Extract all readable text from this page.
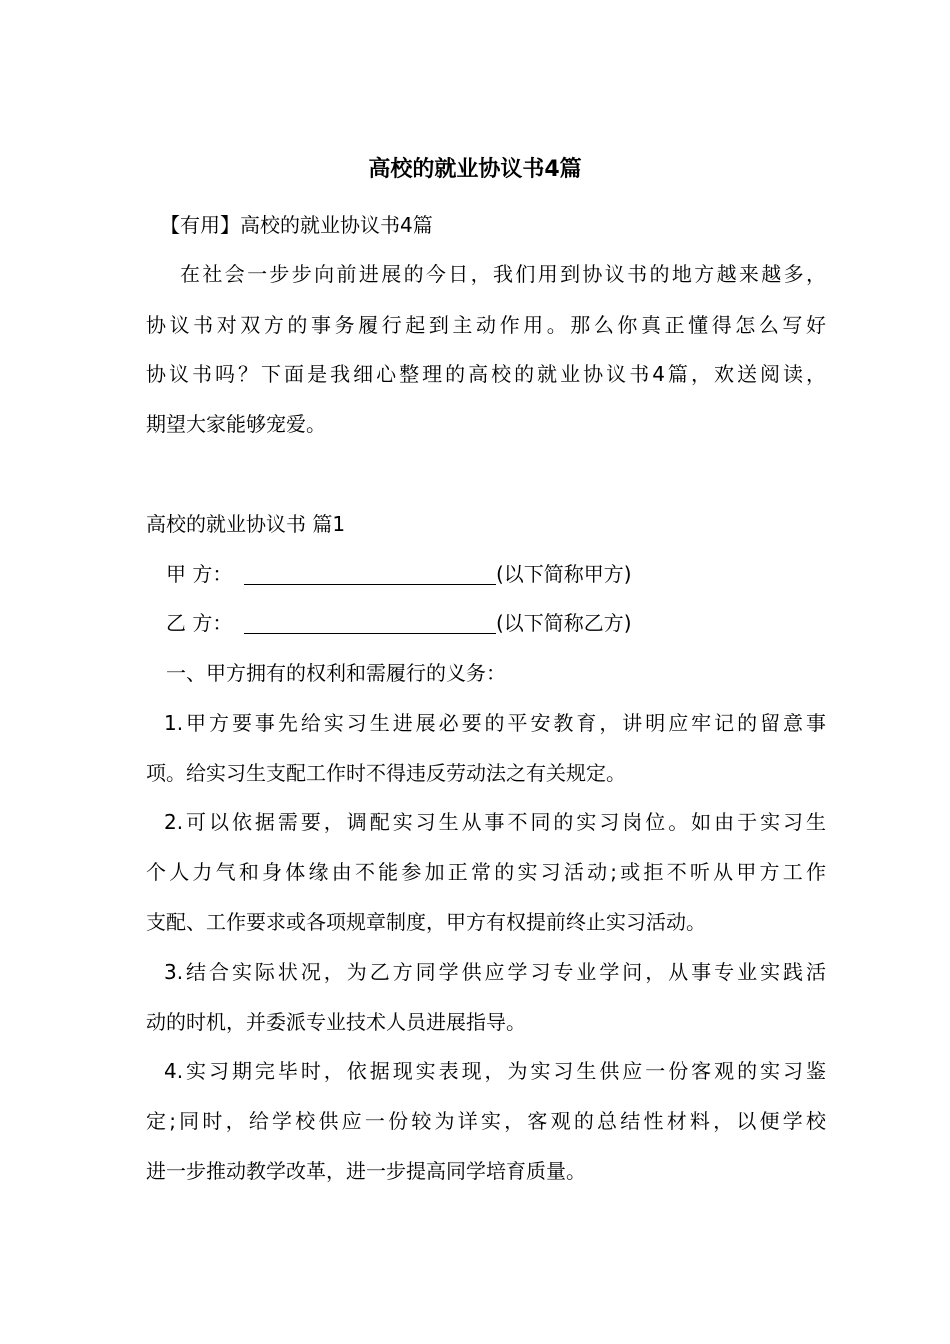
高校的就业协议书4篇
【有用】高校的就业协议书4篇
在社会一步步向前进展的今日，我们用到协议书的地方越来越多，
协议书对双方的事务履行起到主动作用。那么你真正懂得怎么写好
协议书吗？下面是我细心整理的高校的就业协议书4篇，欢送阅读，
期望大家能够宠爱。
高校的就业协议书 篇1
甲 方：	(以下简称甲方)
乙 方：	(以下简称乙方)
一、甲方拥有的权利和需履行的义务：
1.甲方要事先给实习生进展必要的平安教育，讲明应牢记的留意事
项。给实习生支配工作时不得违反劳动法之有关规定。
2.可以依据需要，调配实习生从事不同的实习岗位。如由于实习生
个人力气和身体缘由不能参加正常的实习活动;或拒不听从甲方工作
支配、工作要求或各项规章制度，甲方有权提前终止实习活动。
3.结合实际状况，为乙方同学供应学习专业学问，从事专业实践活
动的时机，并委派专业技术人员进展指导。
4.实习期完毕时，依据现实表现，为实习生供应一份客观的实习鉴
定;同时，给学校供应一份较为详实，客观的总结性材料，以便学校
进一步推动教学改革，进一步提高同学培育质量。
